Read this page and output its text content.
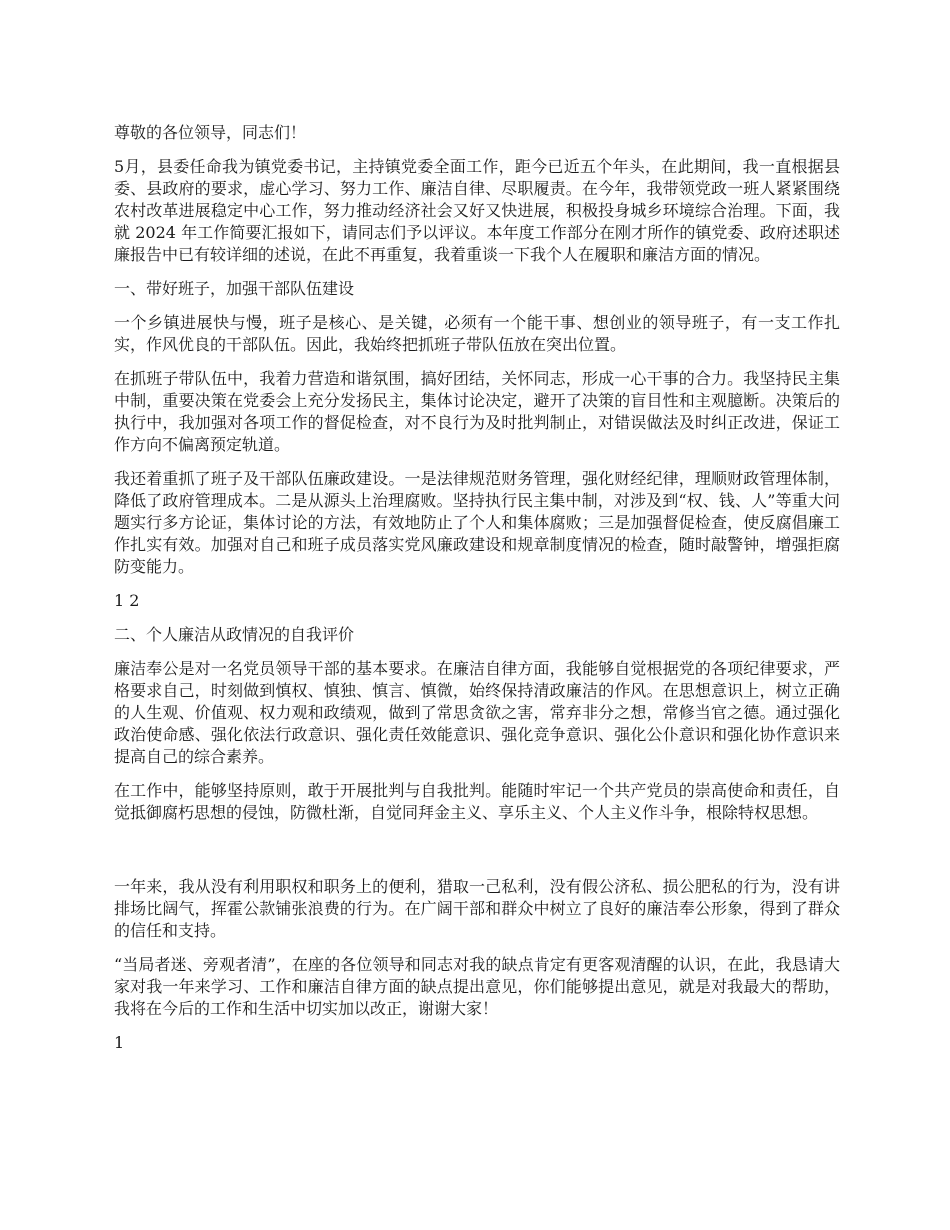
尊敬的各位领导，同志们！

5月，县委任命我为镇党委书记，主持镇党委全面工作，距今已近五个年头，在此期间，我一直根据县委、县政府的要求，虚心学习、努力工作、廉洁自律、尽职履责。在今年，我带领党政一班人紧紧围绕农村改革进展稳定中心工作，努力推动经济社会又好又快进展，积极投身城乡环境综合治理。下面，我就 2024 年工作简要汇报如下，请同志们予以评议。本年度工作部分在刚才所作的镇党委、政府述职述廉报告中已有较详细的述说，在此不再重复，我着重谈一下我个人在履职和廉洁方面的情况。

一、带好班子，加强干部队伍建设

一个乡镇进展快与慢，班子是核心、是关键，必须有一个能干事、想创业的领导班子，有一支工作扎实，作风优良的干部队伍。因此，我始终把抓班子带队伍放在突出位置。

在抓班子带队伍中，我着力营造和谐氛围，搞好团结，关怀同志，形成一心干事的合力。我坚持民主集中制，重要决策在党委会上充分发扬民主，集体讨论决定，避开了决策的盲目性和主观臆断。决策后的执行中，我加强对各项工作的督促检查，对不良行为及时批判制止，对错误做法及时纠正改进，保证工作方向不偏离预定轨道。

我还着重抓了班子及干部队伍廉政建设。一是法律规范财务管理，强化财经纪律，理顺财政管理体制，降低了政府管理成本。二是从源头上治理腐败。坚持执行民主集中制，对涉及到“权、钱、人”等重大问题实行多方论证，集体讨论的方法，有效地防止了个人和集体腐败；三是加强督促检查，使反腐倡廉工作扎实有效。加强对自己和班子成员落实党风廉政建设和规章制度情况的检查，随时敲警钟，增强拒腐防变能力。

1 2

二、个人廉洁从政情况的自我评价

廉洁奉公是对一名党员领导干部的基本要求。在廉洁自律方面，我能够自觉根据党的各项纪律要求，严格要求自己，时刻做到慎权、慎独、慎言、慎微，始终保持清政廉洁的作风。在思想意识上，树立正确的人生观、价值观、权力观和政绩观，做到了常思贪欲之害，常弃非分之想，常修当官之德。通过强化政治使命感、强化依法行政意识、强化责任效能意识、强化竞争意识、强化公仆意识和强化协作意识来提高自己的综合素养。

在工作中，能够坚持原则，敢于开展批判与自我批判。能随时牢记一个共产党员的崇高使命和责任，自觉抵御腐朽思想的侵蚀，防微杜渐，自觉同拜金主义、享乐主义、个人主义作斗争，根除特权思想。

一年来，我从没有利用职权和职务上的便利，猎取一己私利，没有假公济私、损公肥私的行为，没有讲排场比阔气，挥霍公款铺张浪费的行为。在广阔干部和群众中树立了良好的廉洁奉公形象，得到了群众的信任和支持。

“当局者迷、旁观者清”，在座的各位领导和同志对我的缺点肯定有更客观清醒的认识，在此，我恳请大家对我一年来学习、工作和廉洁自律方面的缺点提出意见，你们能够提出意见，就是对我最大的帮助，我将在今后的工作和生活中切实加以改正，谢谢大家！

1
